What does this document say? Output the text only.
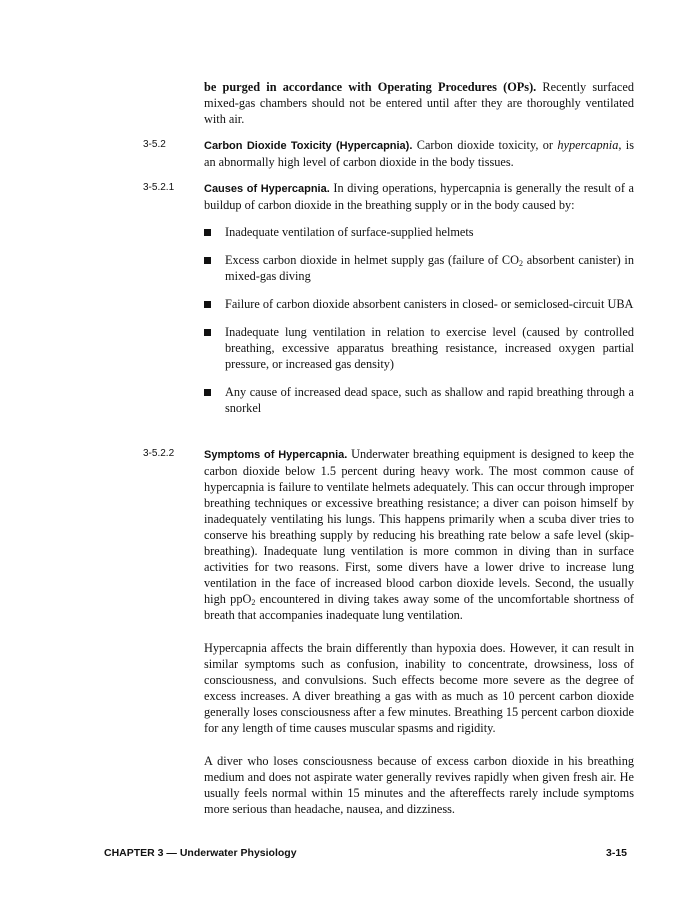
be purged in accordance with Operating Procedures (OPs). Recently surfaced mixed-gas chambers should not be entered until after they are thoroughly ventilated with air.

3-5.2	Carbon Dioxide Toxicity (Hypercapnia). Carbon dioxide toxicity, or hypercapnia, is an abnormally high level of carbon dioxide in the body tissues.

3-5.2.1	Causes of Hypercapnia. In diving operations, hypercapnia is generally the result of a buildup of carbon dioxide in the breathing supply or in the body caused by:

Inadequate ventilation of surface-supplied helmets
Excess carbon dioxide in helmet supply gas (failure of $CO_2$ absorbent canister) in mixed-gas diving
Failure of carbon dioxide absorbent canisters in closed- or semiclosed-circuit UBA
Inadequate lung ventilation in relation to exercise level (caused by controlled breathing, excessive apparatus breathing resistance, increased oxygen partial pressure, or increased gas density)
Any cause of increased dead space, such as shallow and rapid breathing through a snorkel
3-5.2.2	Symptoms of Hypercapnia. Underwater breathing equipment is designed to keep the carbon dioxide below 1.5 percent during heavy work. The most common cause of hypercapnia is failure to ventilate helmets adequately. This can occur through improper breathing techniques or excessive breathing resistance; a diver can poison himself by inadequately ventilating his lungs. This happens primarily when a scuba diver tries to conserve his breathing supply by reducing his breathing rate below a safe level (skip-breathing). Inadequate lung ventilation is more common in diving than in surface activities for two reasons. First, some divers have a lower drive to increase lung ventilation in the face of increased blood carbon dioxide levels. Second, the usually high ppO$_2$ encountered in diving takes away some of the uncomfortable shortness of breath that accompanies inadequate lung ventilation.

Hypercapnia affects the brain differently than hypoxia does. However, it can result in similar symptoms such as confusion, inability to concentrate, drowsiness, loss of consciousness, and convulsions. Such effects become more severe as the degree of excess increases. A diver breathing a gas with as much as 10 percent carbon dioxide generally loses consciousness after a few minutes. Breathing 15 percent carbon dioxide for any length of time causes muscular spasms and rigidity.

A diver who loses consciousness because of excess carbon dioxide in his breathing medium and does not aspirate water generally revives rapidly when given fresh air. He usually feels normal within 15 minutes and the aftereffects rarely include symptoms more serious than headache, nausea, and dizziness.

CHAPTER 3 — Underwater Physiology	3-15
